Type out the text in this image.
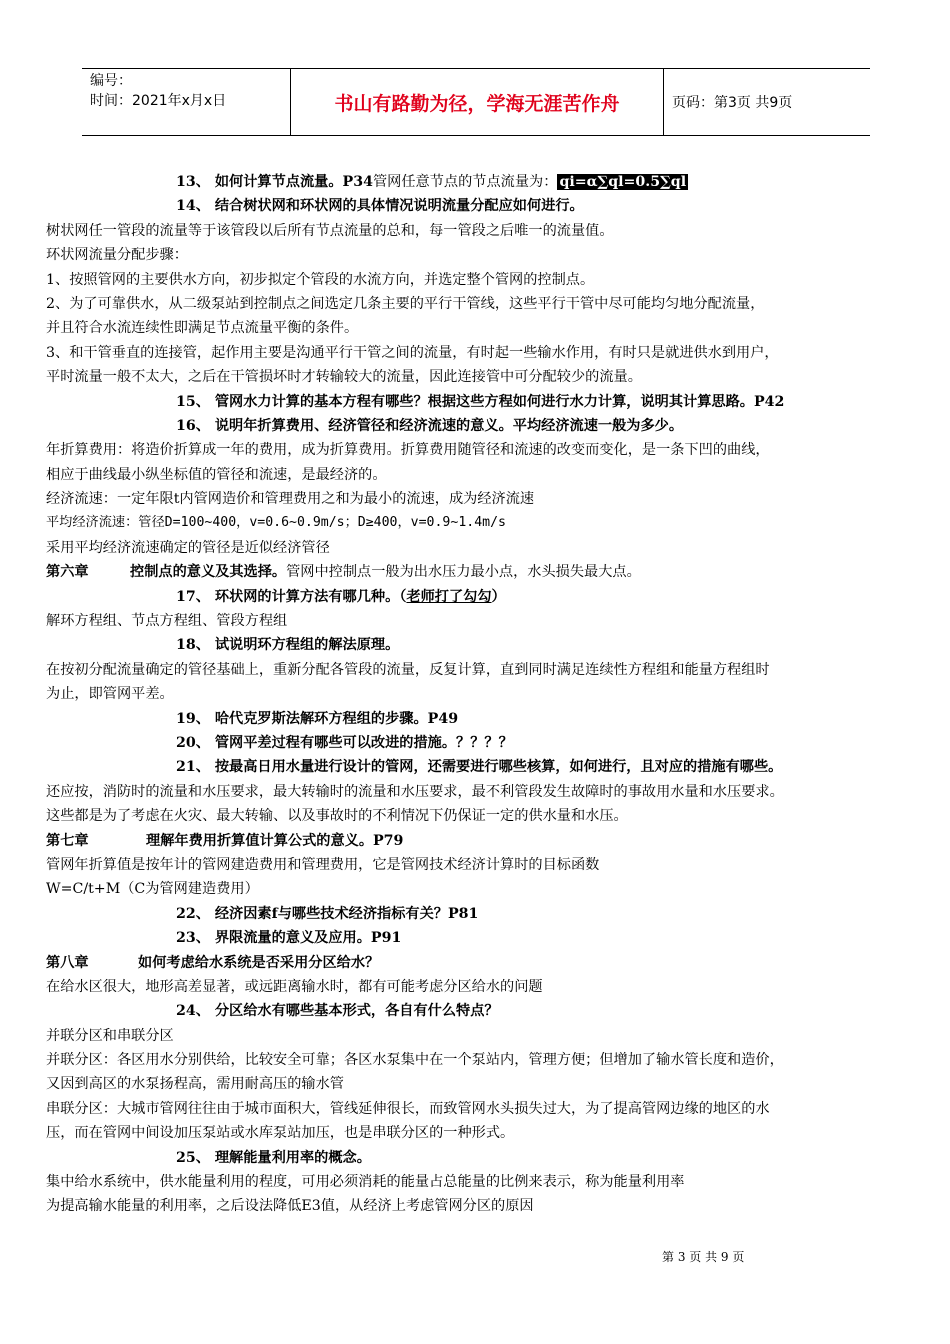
编号：
时间：2021年x月x日	书山有路勤为径，学海无涯苦作舟	页码：第3页 共9页
13、 如何计算节点流量。P34管网任意节点的节点流量为： qi=α∑ql=0.5∑ql
14、 结合树状网和环状网的具体情况说明流量分配应如何进行。
树状网任一管段的流量等于该管段以后所有节点流量的总和，每一管段之后唯一的流量值。
环状网流量分配步骤：
1、按照管网的主要供水方向，初步拟定个管段的水流方向，并选定整个管网的控制点。
2、为了可靠供水，从二级泵站到控制点之间选定几条主要的平行干管线，这些平行干管中尽可能均匀地分配流量，
并且符合水流连续性即满足节点流量平衡的条件。
3、和干管垂直的连接管，起作用主要是沟通平行干管之间的流量，有时起一些输水作用，有时只是就进供水到用户，
平时流量一般不太大，之后在干管损坏时才转输较大的流量，因此连接管中可分配较少的流量。
15、 管网水力计算的基本方程有哪些？根据这些方程如何进行水力计算，说明其计算思路。P42
16、 说明年折算费用、经济管径和经济流速的意义。平均经济流速一般为多少。
年折算费用：将造价折算成一年的费用，成为折算费用。折算费用随管径和流速的改变而变化，是一条下凹的曲线，
相应于曲线最小纵坐标值的管径和流速，是最经济的。
经济流速：一定年限t内管网造价和管理费用之和为最小的流速，成为经济流速
平均经济流速：管径D=100~400，v=0.6~0.9m/s；D≥400，v=0.9~1.4m/s
采用平均经济流速确定的管径是近似经济管径
第六章	控制点的意义及其选择。管网中控制点一般为出水压力最小点，水头损失最大点。
17、 环状网的计算方法有哪几种。（老师打了勾勾）
解环方程组、节点方程组、管段方程组
18、 试说明环方程组的解法原理。
在按初分配流量确定的管径基础上，重新分配各管段的流量，反复计算，直到同时满足连续性方程组和能量方程组时
为止，即管网平差。
19、 哈代克罗斯法解环方程组的步骤。P49
20、 管网平差过程有哪些可以改进的措施。？？？？
21、 按最高日用水量进行设计的管网，还需要进行哪些核算，如何进行，且对应的措施有哪些。
还应按，消防时的流量和水压要求，最大转输时的流量和水压要求，最不利管段发生故障时的事故用水量和水压要求。
这些都是为了考虑在火灾、最大转输、以及事故时的不利情况下仍保证一定的供水量和水压。
第七章	理解年费用折算值计算公式的意义。P79
管网年折算值是按年计的管网建造费用和管理费用，它是管网技术经济计算时的目标函数
W=C/t+M（C为管网建造费用）
22、 经济因素f与哪些技术经济指标有关？P81
23、 界限流量的意义及应用。P91
第八章	如何考虑给水系统是否采用分区给水？
在给水区很大，地形高差显著，或远距离输水时，都有可能考虑分区给水的问题
24、 分区给水有哪些基本形式，各自有什么特点？
并联分区和串联分区
并联分区：各区用水分别供给，比较安全可靠；各区水泵集中在一个泵站内，管理方便；但增加了输水管长度和造价，
又因到高区的水泵扬程高，需用耐高压的输水管
串联分区：大城市管网往往由于城市面积大，管线延伸很长，而致管网水头损失过大，为了提高管网边缘的地区的水
压，而在管网中间设加压泵站或水库泵站加压，也是串联分区的一种形式。
25、 理解能量利用率的概念。
集中给水系统中，供水能量利用的程度，可用必须消耗的能量占总能量的比例来表示，称为能量利用率
为提高输水能量的利用率，之后设法降低E3值，从经济上考虑管网分区的原因
第 3 页 共 9 页
